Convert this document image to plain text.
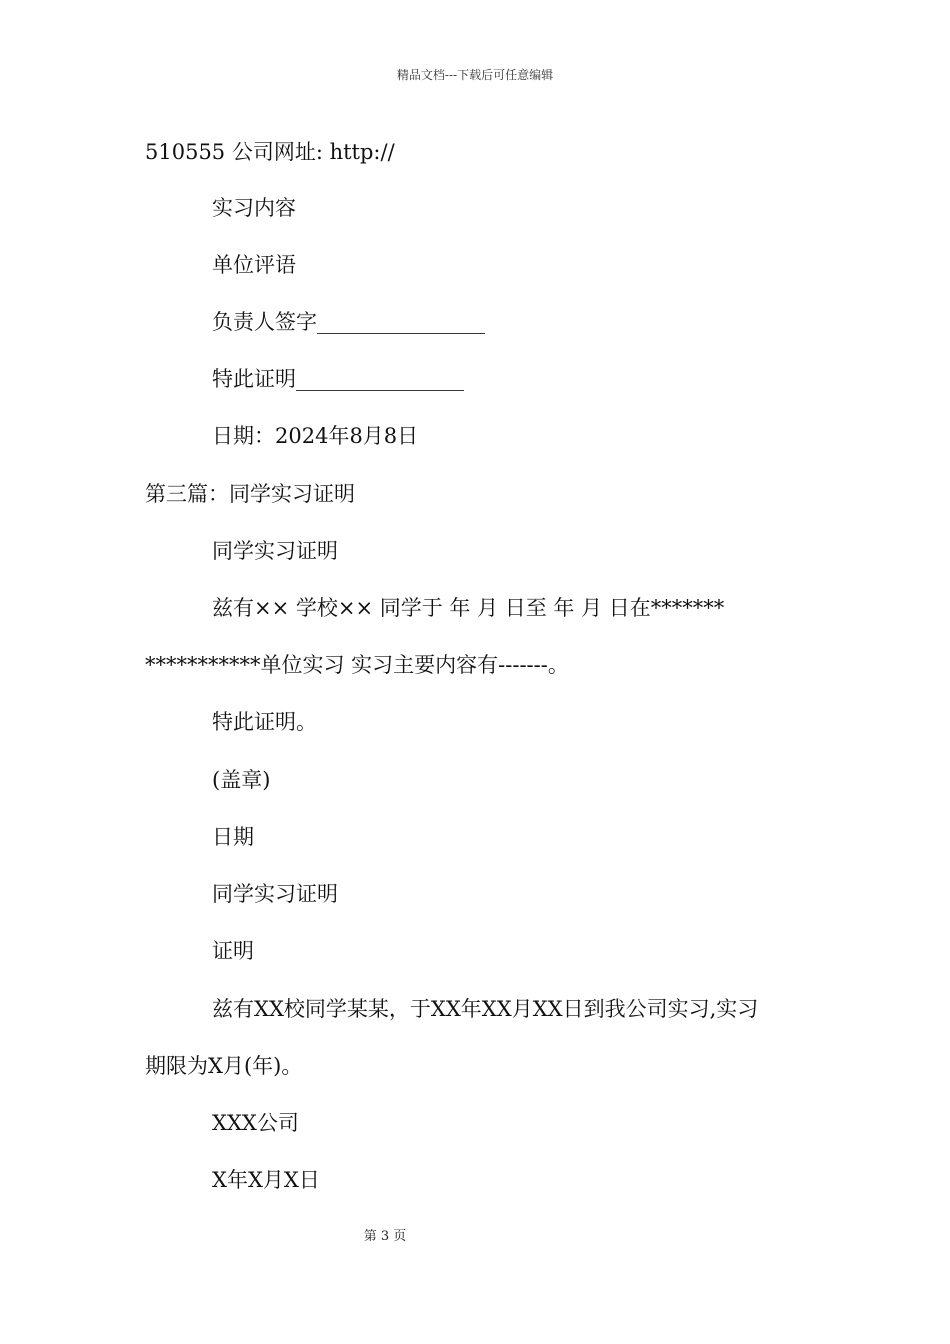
精品文档---下载后可任意编辑
510555 公司网址: http://
实习内容
单位评语
负责人签字________________
特此证明________________
日期：2024年8月8日
第三篇：同学实习证明
同学实习证明
兹有×× 学校×× 同学于 年 月 日至 年 月 日在*******
***********单位实习 实习主要内容有-------。
特此证明。
(盖章)
日期
同学实习证明
证明
兹有XX校同学某某，于XX年XX月XX日到我公司实习,实习
期限为X月(年)。
XXX公司
X年X月X日
第 3 页
